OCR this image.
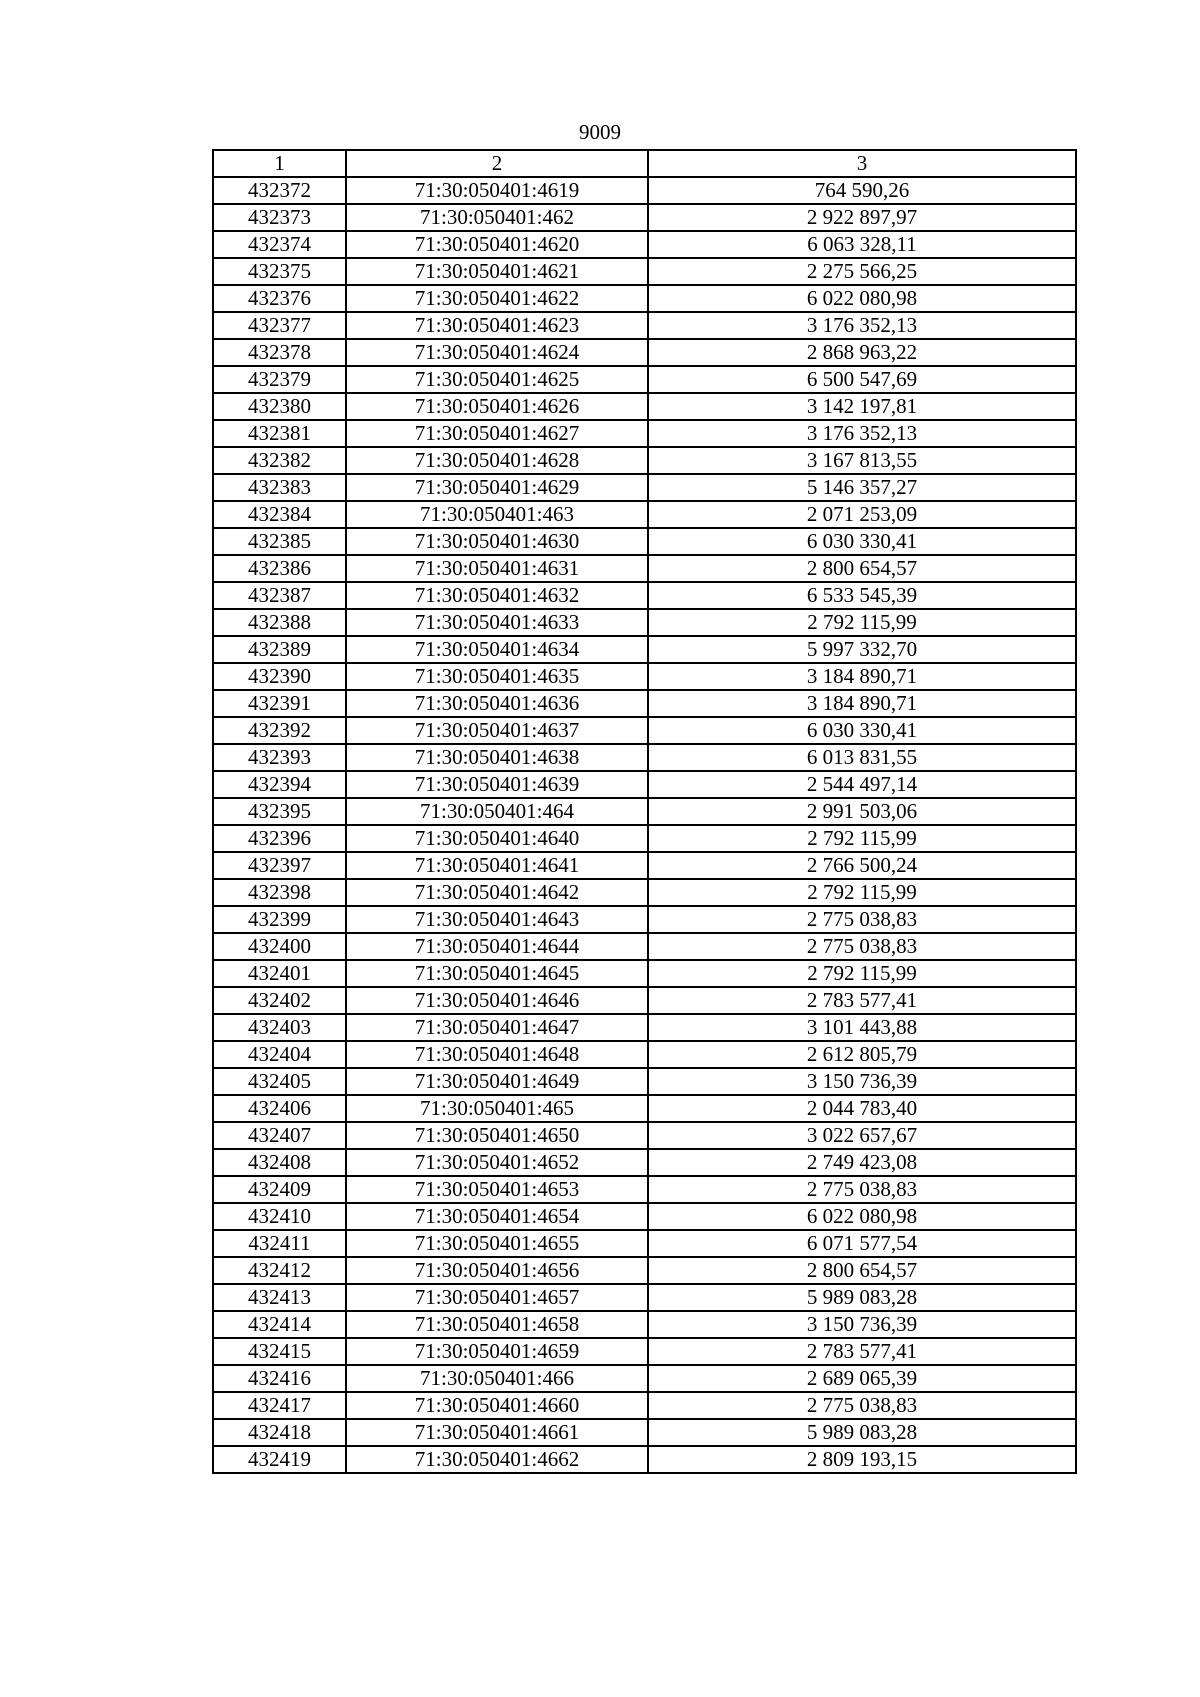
9009
1	2	3
432372	71:30:050401:4619	764 590,26
432373	71:30:050401:462	2 922 897,97
432374	71:30:050401:4620	6 063 328,11
432375	71:30:050401:4621	2 275 566,25
432376	71:30:050401:4622	6 022 080,98
432377	71:30:050401:4623	3 176 352,13
432378	71:30:050401:4624	2 868 963,22
432379	71:30:050401:4625	6 500 547,69
432380	71:30:050401:4626	3 142 197,81
432381	71:30:050401:4627	3 176 352,13
432382	71:30:050401:4628	3 167 813,55
432383	71:30:050401:4629	5 146 357,27
432384	71:30:050401:463	2 071 253,09
432385	71:30:050401:4630	6 030 330,41
432386	71:30:050401:4631	2 800 654,57
432387	71:30:050401:4632	6 533 545,39
432388	71:30:050401:4633	2 792 115,99
432389	71:30:050401:4634	5 997 332,70
432390	71:30:050401:4635	3 184 890,71
432391	71:30:050401:4636	3 184 890,71
432392	71:30:050401:4637	6 030 330,41
432393	71:30:050401:4638	6 013 831,55
432394	71:30:050401:4639	2 544 497,14
432395	71:30:050401:464	2 991 503,06
432396	71:30:050401:4640	2 792 115,99
432397	71:30:050401:4641	2 766 500,24
432398	71:30:050401:4642	2 792 115,99
432399	71:30:050401:4643	2 775 038,83
432400	71:30:050401:4644	2 775 038,83
432401	71:30:050401:4645	2 792 115,99
432402	71:30:050401:4646	2 783 577,41
432403	71:30:050401:4647	3 101 443,88
432404	71:30:050401:4648	2 612 805,79
432405	71:30:050401:4649	3 150 736,39
432406	71:30:050401:465	2 044 783,40
432407	71:30:050401:4650	3 022 657,67
432408	71:30:050401:4652	2 749 423,08
432409	71:30:050401:4653	2 775 038,83
432410	71:30:050401:4654	6 022 080,98
432411	71:30:050401:4655	6 071 577,54
432412	71:30:050401:4656	2 800 654,57
432413	71:30:050401:4657	5 989 083,28
432414	71:30:050401:4658	3 150 736,39
432415	71:30:050401:4659	2 783 577,41
432416	71:30:050401:466	2 689 065,39
432417	71:30:050401:4660	2 775 038,83
432418	71:30:050401:4661	5 989 083,28
432419	71:30:050401:4662	2 809 193,15
